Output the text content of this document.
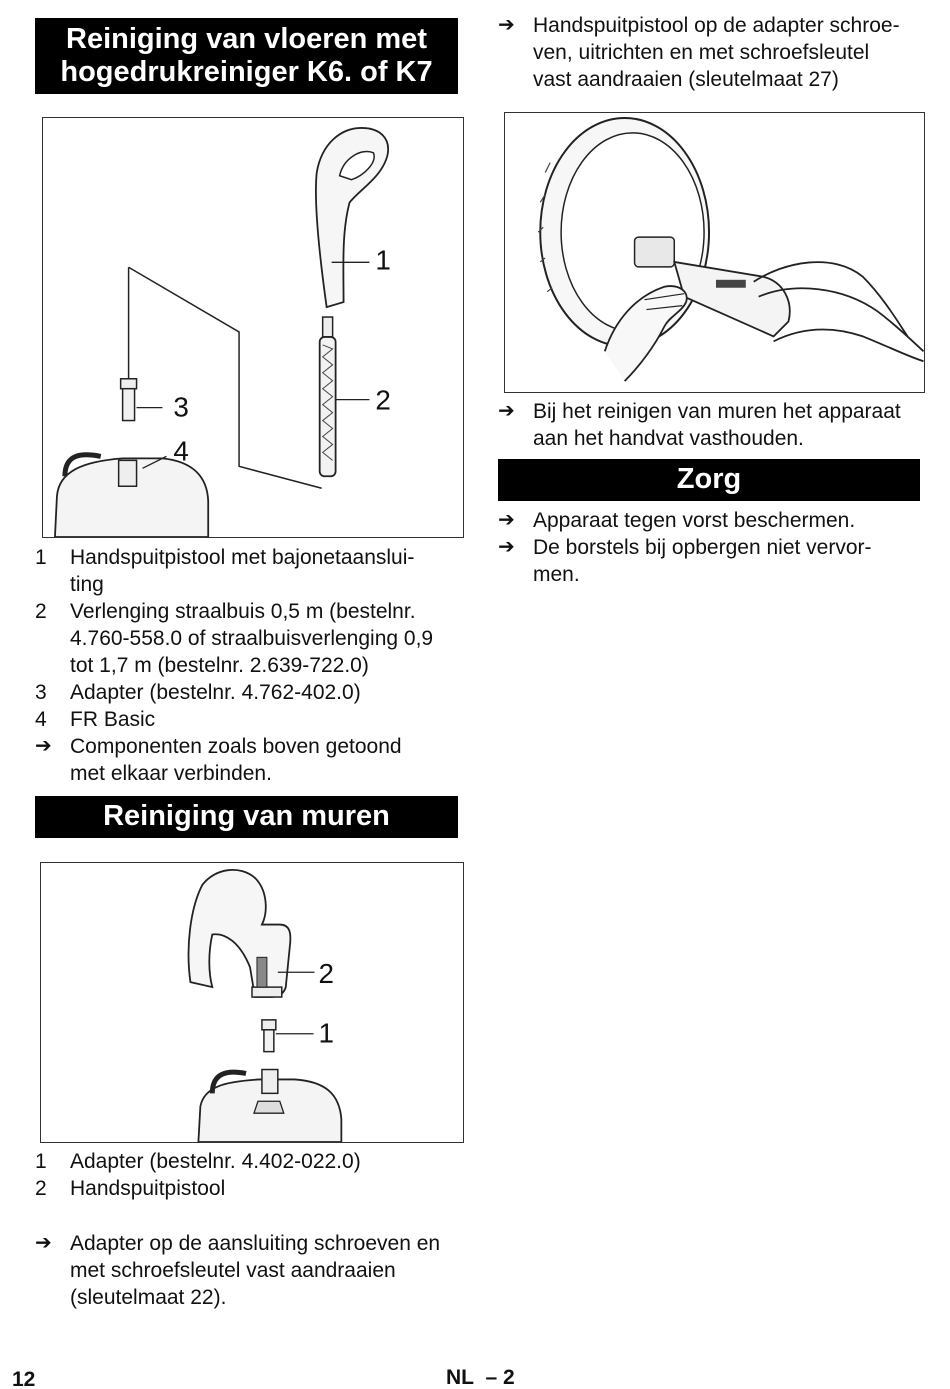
Reiniging van vloeren met
hogedrukreiniger K6. of K7
1
2
3
4
1 Handspuitpistool met bajonetaanslui-
ting
2 Verlenging straalbuis 0,5 m (bestelnr.
4.760-558.0 of straalbuisverlenging 0,9
tot 1,7 m (bestelnr. 2.639-722.0)
3 Adapter (bestelnr. 4.762-402.0)
4 FR Basic
➔ Componenten zoals boven getoond
met elkaar verbinden.
Reiniging van muren
2
1
1 Adapter (bestelnr. 4.402-022.0)
2 Handspuitpistool
➔ Adapter op de aansluiting schroeven en
met schroefsleutel vast aandraaien
(sleutelmaat 22).
➔ Handspuitpistool op de adapter schroe-
ven, uitrichten en met schroefsleutel
vast aandraaien (sleutelmaat 27)
➔ Bij het reinigen van muren het apparaat
aan het handvat vasthouden.
Zorg
➔ Apparaat tegen vorst beschermen.
➔ De borstels bij opbergen niet vervor-
men.
12	NL – 2
